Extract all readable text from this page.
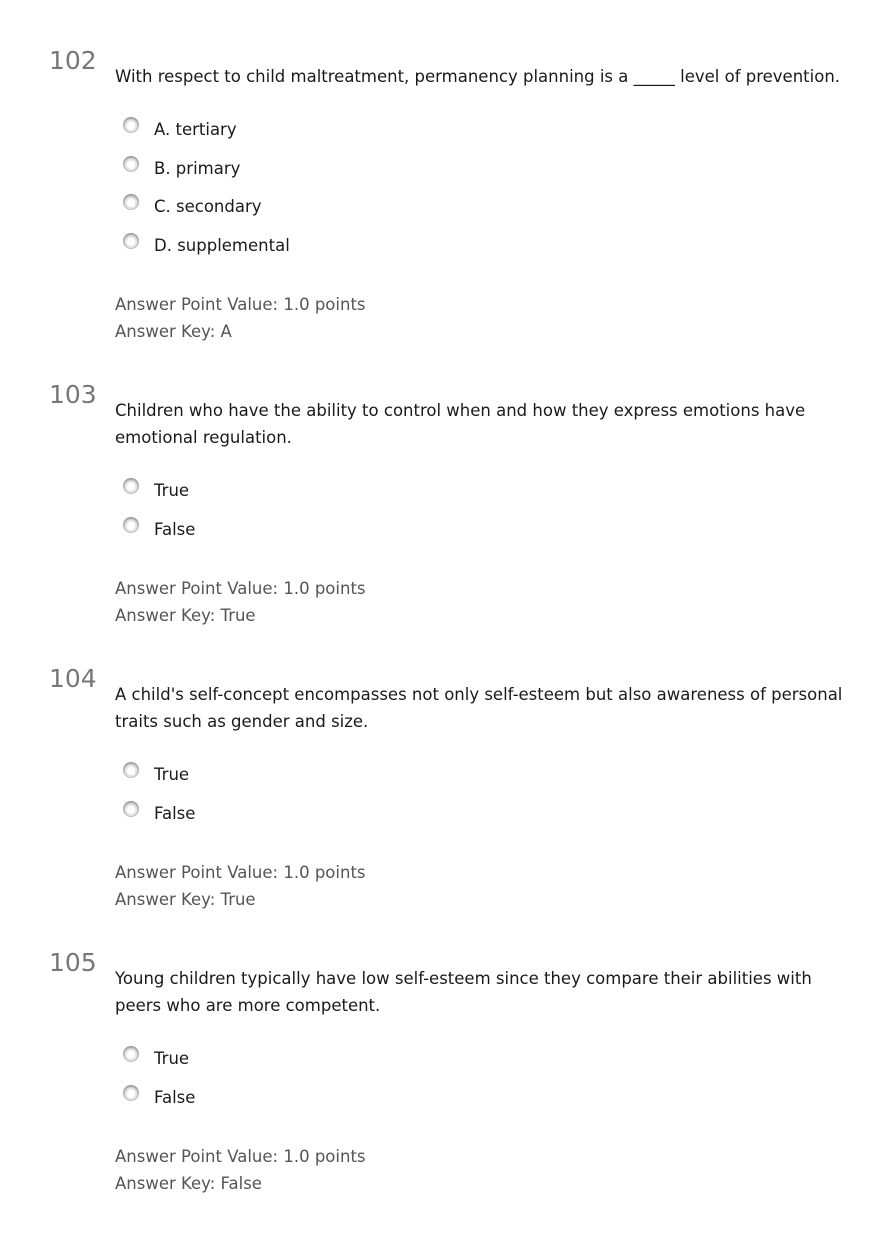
102
With respect to child maltreatment, permanency planning is a _____ level of prevention.
A. tertiary
B. primary
C. secondary
D. supplemental
Answer Point Value: 1.0 points
Answer Key: A
103
Children who have the ability to control when and how they express emotions have emotional regulation.
True
False
Answer Point Value: 1.0 points
Answer Key: True
104
A child's self-concept encompasses not only self-esteem but also awareness of personal traits such as gender and size.
True
False
Answer Point Value: 1.0 points
Answer Key: True
105
Young children typically have low self-esteem since they compare their abilities with peers who are more competent.
True
False
Answer Point Value: 1.0 points
Answer Key: False
